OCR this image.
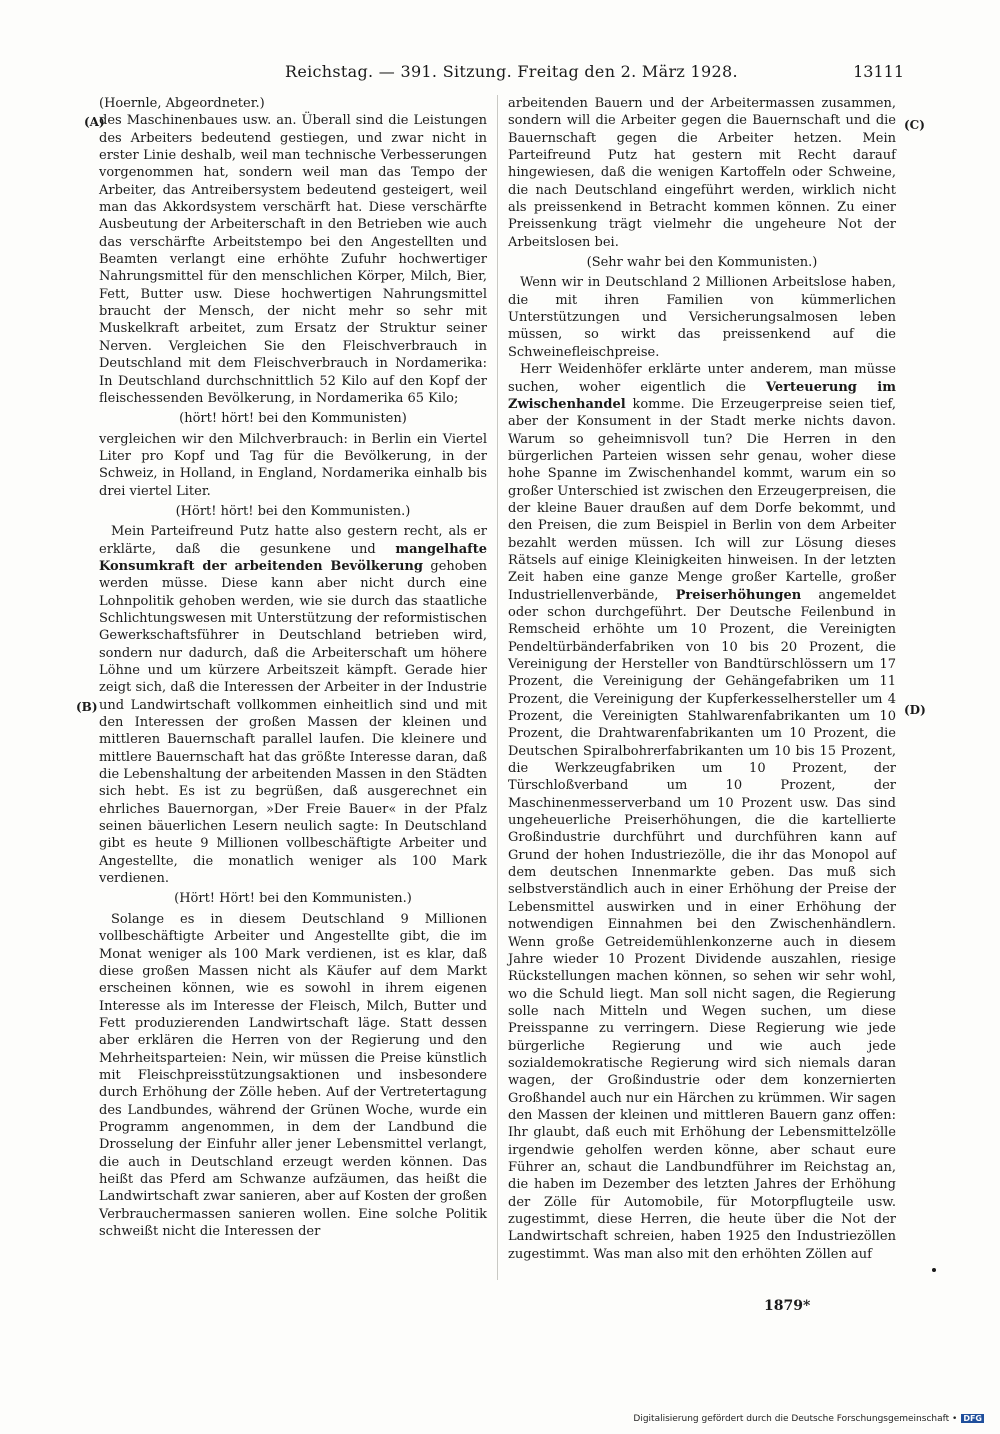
Reichstag. — 391. Sitzung. Freitag den 2. März 1928.	13111
(A)
(B)
(C)
(D)

(Hoernle, Abgeordneter.)

des Maschinenbaues usw. an. Überall sind die Leistungen des Arbeiters bedeutend gestiegen, und zwar nicht in erster Linie deshalb, weil man technische Verbesserungen vorgenommen hat, sondern weil man das Tempo der Arbeiter, das Antreibersystem bedeutend gesteigert, weil man das Akkordsystem verschärft hat. Diese verschärfte Ausbeutung der Arbeiterschaft in den Betrieben wie auch das verschärfte Arbeitstempo bei den Angestellten und Beamten verlangt eine erhöhte Zufuhr hochwertiger Nahrungsmittel für den menschlichen Körper, Milch, Bier, Fett, Butter usw. Diese hochwertigen Nahrungsmittel braucht der Mensch, der nicht mehr so sehr mit Muskelkraft arbeitet, zum Ersatz der Struktur seiner Nerven. Vergleichen Sie den Fleischverbrauch in Deutschland mit dem Fleischverbrauch in Nordamerika: In Deutschland durchschnittlich 52 Kilo auf den Kopf der fleischessenden Bevölkerung, in Nordamerika 65 Kilo;

(hört! hört! bei den Kommunisten)

vergleichen wir den Milchverbrauch: in Berlin ein Viertel Liter pro Kopf und Tag für die Bevölkerung, in der Schweiz, in Holland, in England, Nordamerika einhalb bis drei viertel Liter.

(Hört! hört! bei den Kommunisten.)

Mein Parteifreund Putz hatte also gestern recht, als er erklärte, daß die gesunkene und mangelhafte Konsumkraft der arbeitenden Bevölkerung gehoben werden müsse. Diese kann aber nicht durch eine Lohnpolitik gehoben werden, wie sie durch das staatliche Schlichtungswesen mit Unterstützung der reformistischen Gewerkschaftsführer in Deutschland betrieben wird, sondern nur dadurch, daß die Arbeiterschaft um höhere Löhne und um kürzere Arbeitszeit kämpft. Gerade hier zeigt sich, daß die Interessen der Arbeiter in der Industrie und Landwirtschaft vollkommen einheitlich sind und mit den Interessen der großen Massen der kleinen und mittleren Bauernschaft parallel laufen. Die kleinere und mittlere Bauernschaft hat das größte Interesse daran, daß die Lebenshaltung der arbeitenden Massen in den Städten sich hebt. Es ist zu begrüßen, daß ausgerechnet ein ehrliches Bauernorgan, »Der Freie Bauer« in der Pfalz seinen bäuerlichen Lesern neulich sagte: In Deutschland gibt es heute 9 Millionen vollbeschäftigte Arbeiter und Angestellte, die monatlich weniger als 100 Mark verdienen.

(Hört! Hört! bei den Kommunisten.)

Solange es in diesem Deutschland 9 Millionen vollbeschäftigte Arbeiter und Angestellte gibt, die im Monat weniger als 100 Mark verdienen, ist es klar, daß diese großen Massen nicht als Käufer auf dem Markt erscheinen können, wie es sowohl in ihrem eigenen Interesse als im Interesse der Fleisch, Milch, Butter und Fett produzierenden Landwirtschaft läge. Statt dessen aber erklären die Herren von der Regierung und den Mehrheitsparteien: Nein, wir müssen die Preise künstlich mit Fleischpreisstützungsaktionen und insbesondere durch Erhöhung der Zölle heben. Auf der Vertretertagung des Landbundes, während der Grünen Woche, wurde ein Programm angenommen, in dem der Landbund die Drosselung der Einfuhr aller jener Lebensmittel verlangt, die auch in Deutschland erzeugt werden können. Das heißt das Pferd am Schwanze aufzäumen, das heißt die Landwirtschaft zwar sanieren, aber auf Kosten der großen Verbrauchermassen sanieren wollen. Eine solche Politik schweißt nicht die Interessen der

arbeitenden Bauern und der Arbeitermassen zusammen, sondern will die Arbeiter gegen die Bauernschaft und die Bauernschaft gegen die Arbeiter hetzen. Mein Parteifreund Putz hat gestern mit Recht darauf hingewiesen, daß die wenigen Kartoffeln oder Schweine, die nach Deutschland eingeführt werden, wirklich nicht als preissenkend in Betracht kommen können. Zu einer Preissenkung trägt vielmehr die ungeheure Not der Arbeitslosen bei.

(Sehr wahr bei den Kommunisten.)

Wenn wir in Deutschland 2 Millionen Arbeitslose haben, die mit ihren Familien von kümmerlichen Unterstützungen und Versicherungsalmosen leben müssen, so wirkt das preissenkend auf die Schweinefleischpreise.

Herr Weidenhöfer erklärte unter anderem, man müsse suchen, woher eigentlich die Verteuerung im Zwischenhandel komme. Die Erzeugerpreise seien tief, aber der Konsument in der Stadt merke nichts davon. Warum so geheimnisvoll tun? Die Herren in den bürgerlichen Parteien wissen sehr genau, woher diese hohe Spanne im Zwischenhandel kommt, warum ein so großer Unterschied ist zwischen den Erzeugerpreisen, die der kleine Bauer draußen auf dem Dorfe bekommt, und den Preisen, die zum Beispiel in Berlin von dem Arbeiter bezahlt werden müssen. Ich will zur Lösung dieses Rätsels auf einige Kleinigkeiten hinweisen. In der letzten Zeit haben eine ganze Menge großer Kartelle, großer Industriellenverbände, Preiserhöhungen angemeldet oder schon durchgeführt. Der Deutsche Feilenbund in Remscheid erhöhte um 10 Prozent, die Vereinigten Pendeltürbänderfabriken von 10 bis 20 Prozent, die Vereinigung der Hersteller von Bandtürschlössern um 17 Prozent, die Vereinigung der Gehängefabriken um 11 Prozent, die Vereinigung der Kupferkesselhersteller um 4 Prozent, die Vereinigten Stahlwarenfabrikanten um 10 Prozent, die Drahtwarenfabrikanten um 10 Prozent, die Deutschen Spiralbohrerfabrikanten um 10 bis 15 Prozent, die Werkzeugfabriken um 10 Prozent, der Türschloßverband um 10 Prozent, der Maschinenmesserverband um 10 Prozent usw. Das sind ungeheuerliche Preiserhöhungen, die die kartellierte Großindustrie durchführt und durchführen kann auf Grund der hohen Industriezölle, die ihr das Monopol auf dem deutschen Innenmarkte geben. Das muß sich selbstverständlich auch in einer Erhöhung der Preise der Lebensmittel auswirken und in einer Erhöhung der notwendigen Einnahmen bei den Zwischenhändlern. Wenn große Getreidemühlenkonzerne auch in diesem Jahre wieder 10 Prozent Dividende auszahlen, riesige Rückstellungen machen können, so sehen wir sehr wohl, wo die Schuld liegt. Man soll nicht sagen, die Regierung solle nach Mitteln und Wegen suchen, um diese Preisspanne zu verringern. Diese Regierung wie jede bürgerliche Regierung und wie auch jede sozialdemokratische Regierung wird sich niemals daran wagen, der Großindustrie oder dem konzernierten Großhandel auch nur ein Härchen zu krümmen. Wir sagen den Massen der kleinen und mittleren Bauern ganz offen: Ihr glaubt, daß euch mit Erhöhung der Lebensmittelzölle irgendwie geholfen werden könne, aber schaut eure Führer an, schaut die Landbundführer im Reichstag an, die haben im Dezember des letzten Jahres der Erhöhung der Zölle für Automobile, für Motorpflugteile usw. zugestimmt, diese Herren, die heute über die Not der Landwirtschaft schreien, haben 1925 den Industriezöllen zugestimmt. Was man also mit den erhöhten Zöllen auf

1879*
Digitalisierung gefördert durch die Deutsche Forschungsgemeinschaft • DFG
